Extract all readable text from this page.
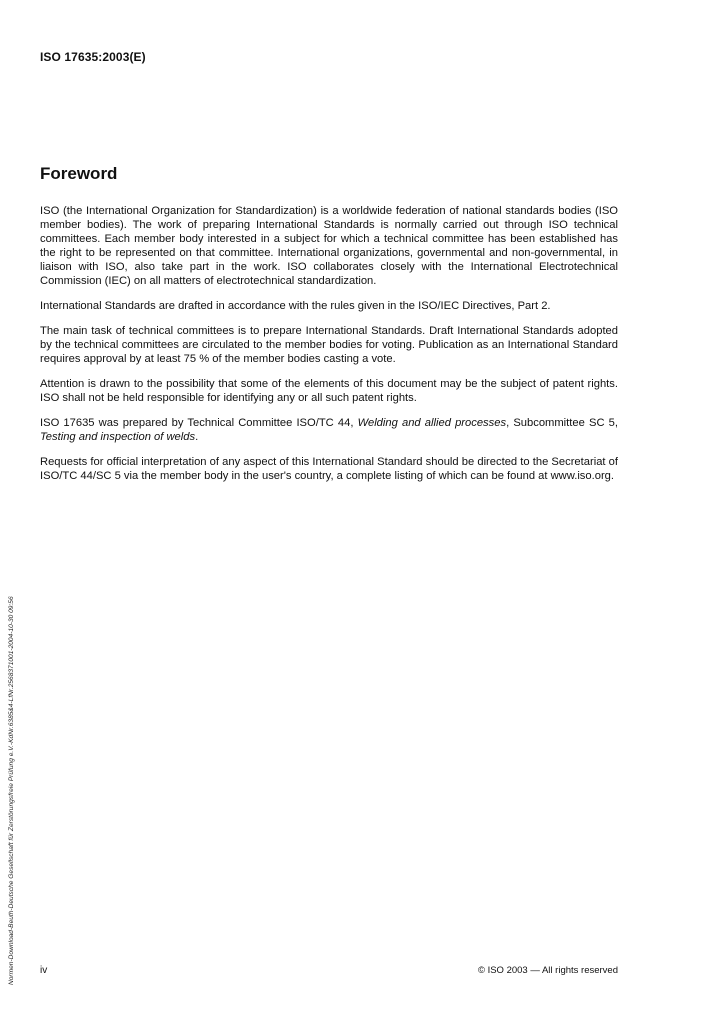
ISO 17635:2003(E)
Foreword

ISO (the International Organization for Standardization) is a worldwide federation of national standards bodies (ISO member bodies). The work of preparing International Standards is normally carried out through ISO technical committees. Each member body interested in a subject for which a technical committee has been established has the right to be represented on that committee. International organizations, governmental and non-governmental, in liaison with ISO, also take part in the work. ISO collaborates closely with the International Electrotechnical Commission (IEC) on all matters of electrotechnical standardization.

International Standards are drafted in accordance with the rules given in the ISO/IEC Directives, Part 2.

The main task of technical committees is to prepare International Standards. Draft International Standards adopted by the technical committees are circulated to the member bodies for voting. Publication as an International Standard requires approval by at least 75 % of the member bodies casting a vote.

Attention is drawn to the possibility that some of the elements of this document may be the subject of patent rights. ISO shall not be held responsible for identifying any or all such patent rights.

ISO 17635 was prepared by Technical Committee ISO/TC 44, Welding and allied processes, Subcommittee SC 5, Testing and inspection of welds.

Requests for official interpretation of any aspect of this International Standard should be directed to the Secretariat of ISO/TC 44/SC 5 via the member body in the user's country, a complete listing of which can be found at www.iso.org.

Normen-Download-Beuth-Deutsche Gesellschaft für Zerstörungsfreie Prüfung e.V.-KdNr.6385&4-LfNr.2568371001-2004-10-30 09:56	iv	© ISO 2003 — All rights reserved
